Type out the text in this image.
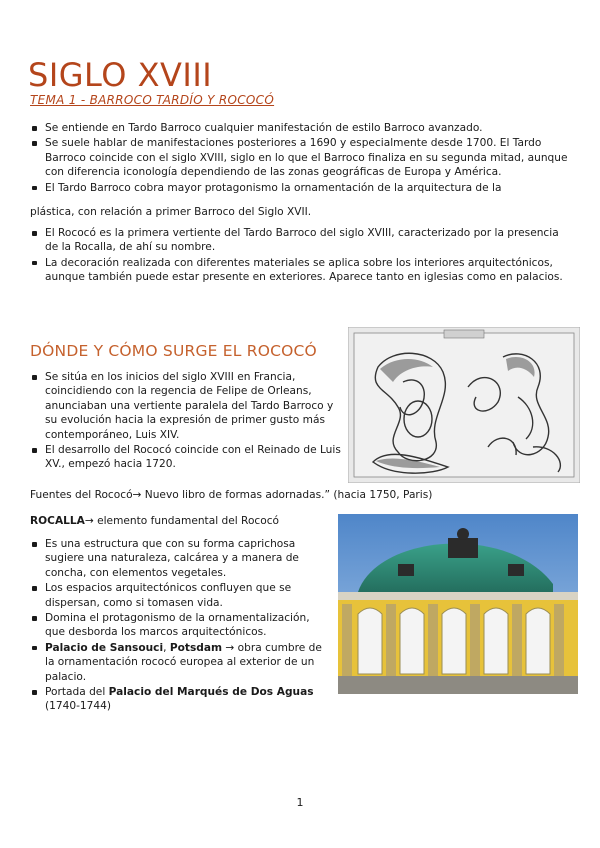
SIGLO XVIII
TEMA 1 - BARROCO TARDÍO Y ROCOCÓ
Se entiende en Tardo Barroco cualquier manifestación de estilo Barroco avanzado.
Se suele hablar de manifestaciones posteriores a 1690 y especialmente desde 1700. El Tardo Barroco coincide con el siglo XVIII, siglo en lo que el Barroco finaliza en su segunda mitad, aunque con diferencia iconología dependiendo de las zonas geográficas de Europa y América.
El Tardo Barroco cobra mayor protagonismo la ornamentación de la arquitectura de la

plástica, con relación a primer Barroco del Siglo XVII.

El Rococó es la primera vertiente del Tardo Barroco del siglo XVIII, caracterizado por la presencia de la Rocalla, de ahí su nombre.
La decoración realizada con diferentes materiales se aplica sobre los interiores arquitectónicos, aunque también puede estar presente en exteriores. Aparece tanto en iglesias como en palacios.
DÓNDE Y CÓMO SURGE EL ROCOCÓ
Se sitúa en los inicios del siglo XVIII en Francia, coincidiendo con la regencia de Felipe de Orleans, anunciaban una vertiente paralela del Tardo Barroco y su evolución hacia la expresión de primer gusto más contemporáneo, Luis XIV.
El desarrollo del Rococó coincide con el Reinado de Luis XV., empezó hacia 1720.

Fuentes del Rococó→ Nuevo libro de formas adornadas.” (hacia 1750, Paris)

ROCALLA→ elemento fundamental del Rococó

Es una estructura que con su forma caprichosa sugiere una naturaleza, calcárea y a manera de concha, con elementos vegetales.
Los espacios arquitectónicos confluyen que se dispersan, como si tomasen vida.
Domina el protagonismo de la ornamentalización, que desborda los marcos arquitectónicos.
Palacio de Sansouci, Potsdam → obra cumbre de la ornamentación rococó europea al exterior de un palacio.
Portada del Palacio del Marqués de Dos Aguas (1740-1744)
1
